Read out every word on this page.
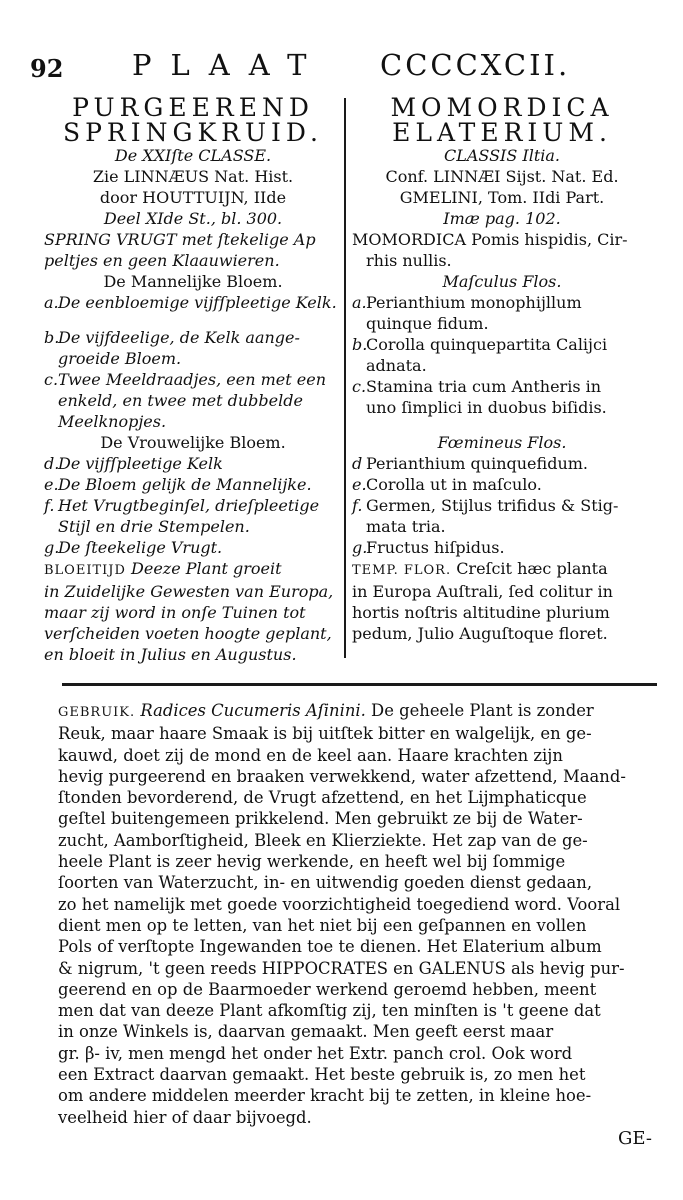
92 PLAAT CCCCXCII.
PURGEEREND
SPRINGKRUID.
De XXIſte CLASSE.
Zie LINNÆUS Nat. Hist.
door HOUTTUIJN, IIde
Deel XIde St., bl. 300.
SPRING VRUGT met ſtekelige Ap
peltjes en geen Klaauwieren.
De Mannelijke Bloem.
a.De eenbloemige vijfſpleetige Kelk.
b.De vijfdeelige, de Kelk aange-
groeide Bloem.
c.Twee Meeldraadjes, een met een
enkeld, en twee met dubbelde
Meelknopjes.
De Vrouwelijke Bloem.
d.De vijfſpleetige Kelk
e.De Bloem gelijk de Mannelijke.
f. Het Vrugtbeginſel, drieſpleetige
Stijl en drie Stempelen.
g.De ſteekelige Vrugt.
BLOEITIJD Deeze Plant groeit
in Zuidelijke Gewesten van Europa,
maar zij word in onſe Tuinen tot
verſcheiden voeten hoogte geplant,
en bloeit in Julius en Augustus.
MOMORDICA
ELATERIUM.
CLASSIS Iltia.
Conf. LINNÆI Sijst. Nat. Ed.
GMELINI, Tom. IIdi Part.
Imæ pag. 102.
MOMORDICA Pomis hispidis, Cir-
rhis nullis.
Maſculus Flos.
a.Perianthium monophijllum
quinque fidum.
b.Corolla quinquepartita Calijci
adnata.
c.Stamina tria cum Antheris in
uno ſimplici in duobus biſidis.
Fœmineus Flos.
d Perianthium quinquefidum.
e.Corolla ut in maſculo.
f. Germen, Stijlus trifidus & Stig-
mata tria.
g.Fructus hiſpidus.
TEMP. FLOR. Creſcit hæc planta
in Europa Auſtrali, ſed colitur in
hortis noſtris altitudine plurium
pedum, Julio Auguſtoque floret.
GEBRUIK. Radices Cucumeris Aſinini. De geheele Plant is zonder
Reuk, maar haare Smaak is bij uitſtek bitter en walgelijk, en ge-
kauwd, doet zij de mond en de keel aan. Haare krachten zijn
hevig purgeerend en braaken verwekkend, water afzettend, Maand-
ſtonden bevorderend, de Vrugt afzettend, en het Lijmphaticque
geſtel buitengemeen prikkelend. Men gebruikt ze bij de Water-
zucht, Aamborſtigheid, Bleek en Klierziekte. Het zap van de ge-
heele Plant is zeer hevig werkende, en heeft wel bij ſommige
ſoorten van Waterzucht, in- en uitwendig goeden dienst gedaan,
zo het namelijk met goede voorzichtigheid toegediend word. Vooral
dient men op te letten, van het niet bij een geſpannen en vollen
Pols of verſtopte Ingewanden toe te dienen. Het Elaterium album
& nigrum, 't geen reeds HIPPOCRATES en GALENUS als hevig pur-
geerend en op de Baarmoeder werkend geroemd hebben, meent
men dat van deeze Plant afkomſtig zij, ten minſten is 't geene dat
in onze Winkels is, daarvan gemaakt. Men geeft eerst maar
gr. β- iv, men mengd het onder het Extr. panch crol. Ook word
een Extract daarvan gemaakt. Het beste gebruik is, zo men het
om andere middelen meerder kracht bij te zetten, in kleine hoe-
veelheid hier of daar bijvoegd.
GE-
